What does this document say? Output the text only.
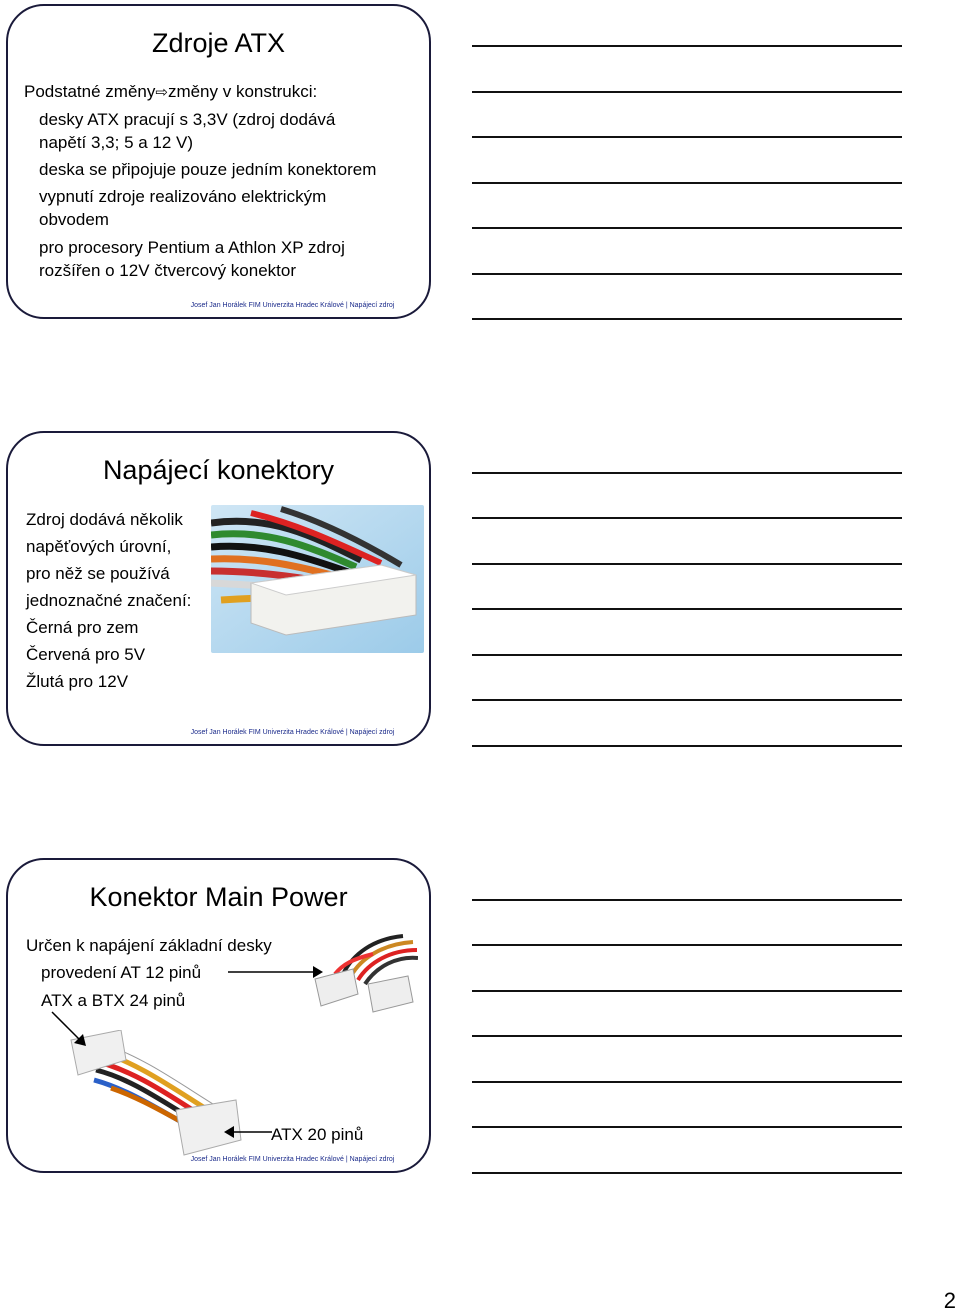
Zdroje ATX
Podstatné změny⇨změny v konstrukci:
desky ATX pracují s 3,3V (zdroj dodává
napětí 3,3; 5 a 12 V)
deska se připojuje pouze jedním konektorem
vypnutí zdroje realizováno elektrickým
obvodem
pro procesory Pentium a Athlon XP zdroj
rozšířen o 12V čtvercový konektor
Josef Jan Horálek FIM Univerzita Hradec Králové | Napájecí zdroj
Napájecí konektory
Zdroj dodává několik
napěťových úrovní,
pro něž se používá
jednoznačné značení:
Černá pro zem
Červená pro 5V
Žlutá pro 12V
Josef Jan Horálek FIM Univerzita Hradec Králové | Napájecí zdroj
Konektor Main Power
Určen k napájení základní desky
provedení AT 12 pinů
ATX a BTX 24 pinů
ATX 20 pinů
Josef Jan Horálek FIM Univerzita Hradec Králové | Napájecí zdroj
2
